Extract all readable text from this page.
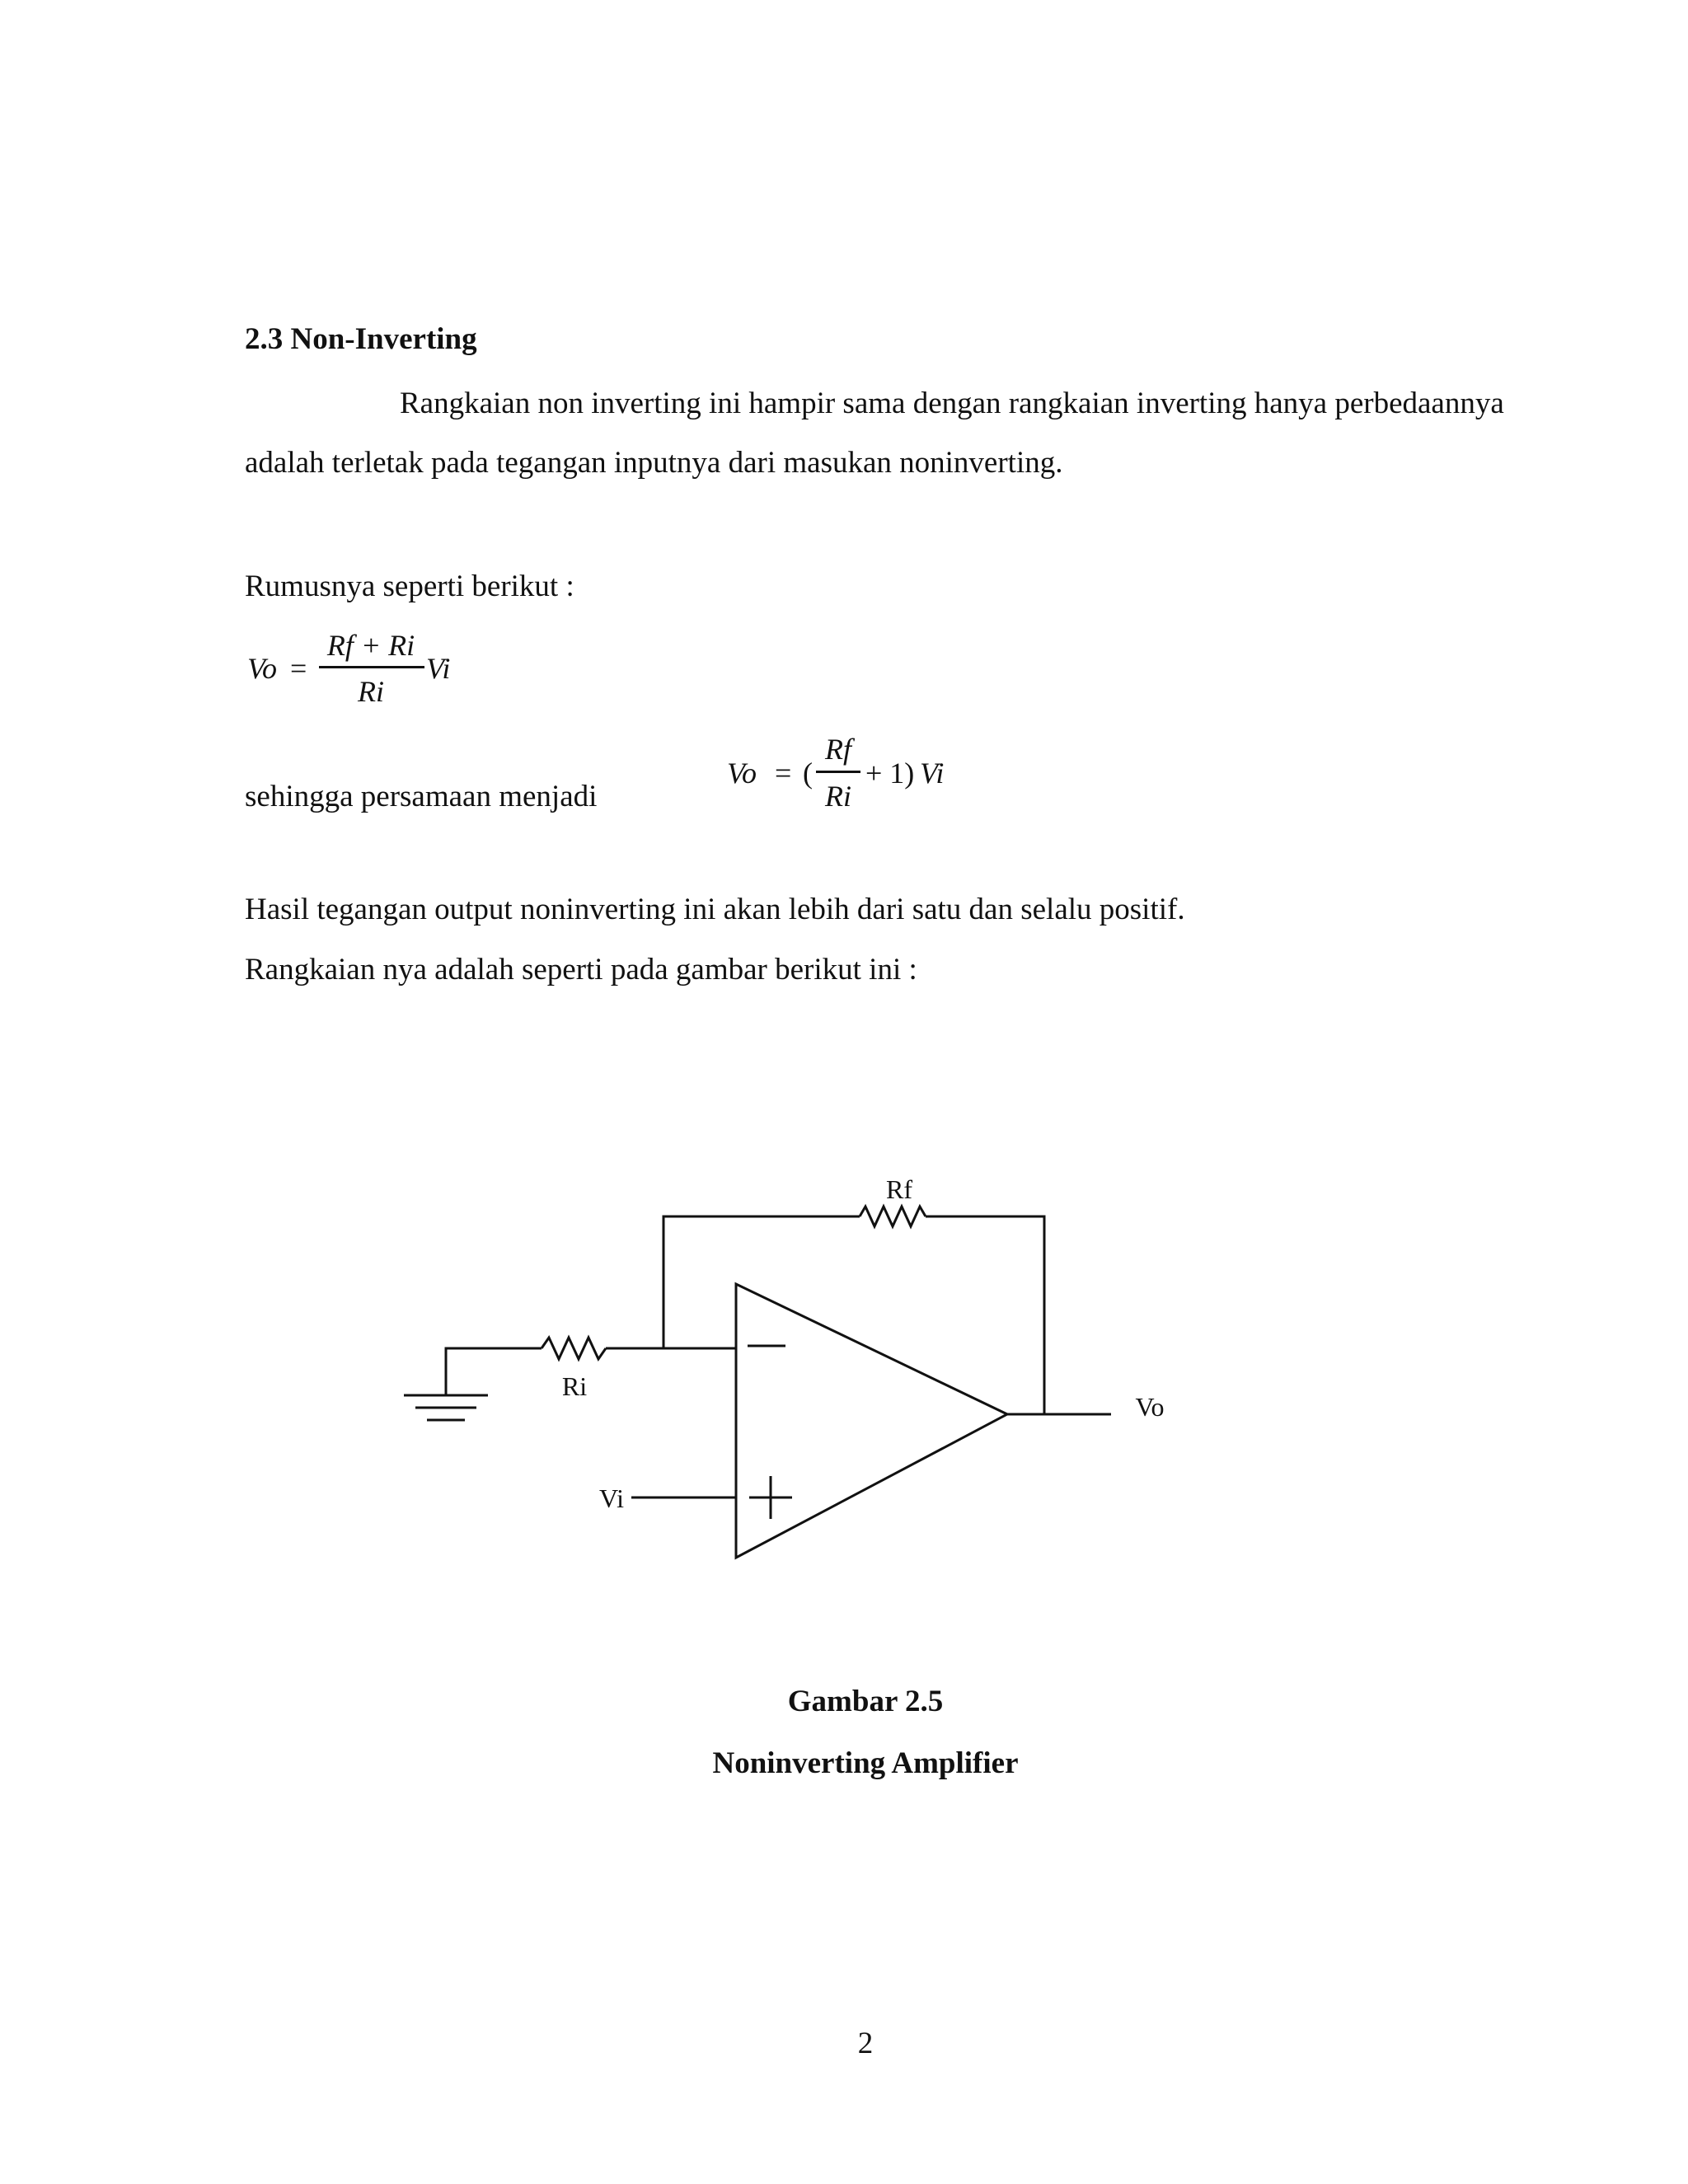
2.3 Non-Inverting
Rangkaian non inverting ini hampir sama dengan rangkaian inverting hanya perbedaannya
adalah terletak pada tegangan inputnya dari masukan noninverting.
Rumusnya seperti berikut :
Vo =
Rf + Ri
Ri
Vi
sehingga persamaan menjadi
Vo = (
Rf
Ri
+ 1) Vi
Hasil tegangan output noninverting ini akan lebih dari satu dan selalu positif.
Rangkaian nya adalah seperti pada gambar berikut ini :
Rf
Ri
Vi
Vo
Gambar 2.5
Noninverting Amplifier
2
